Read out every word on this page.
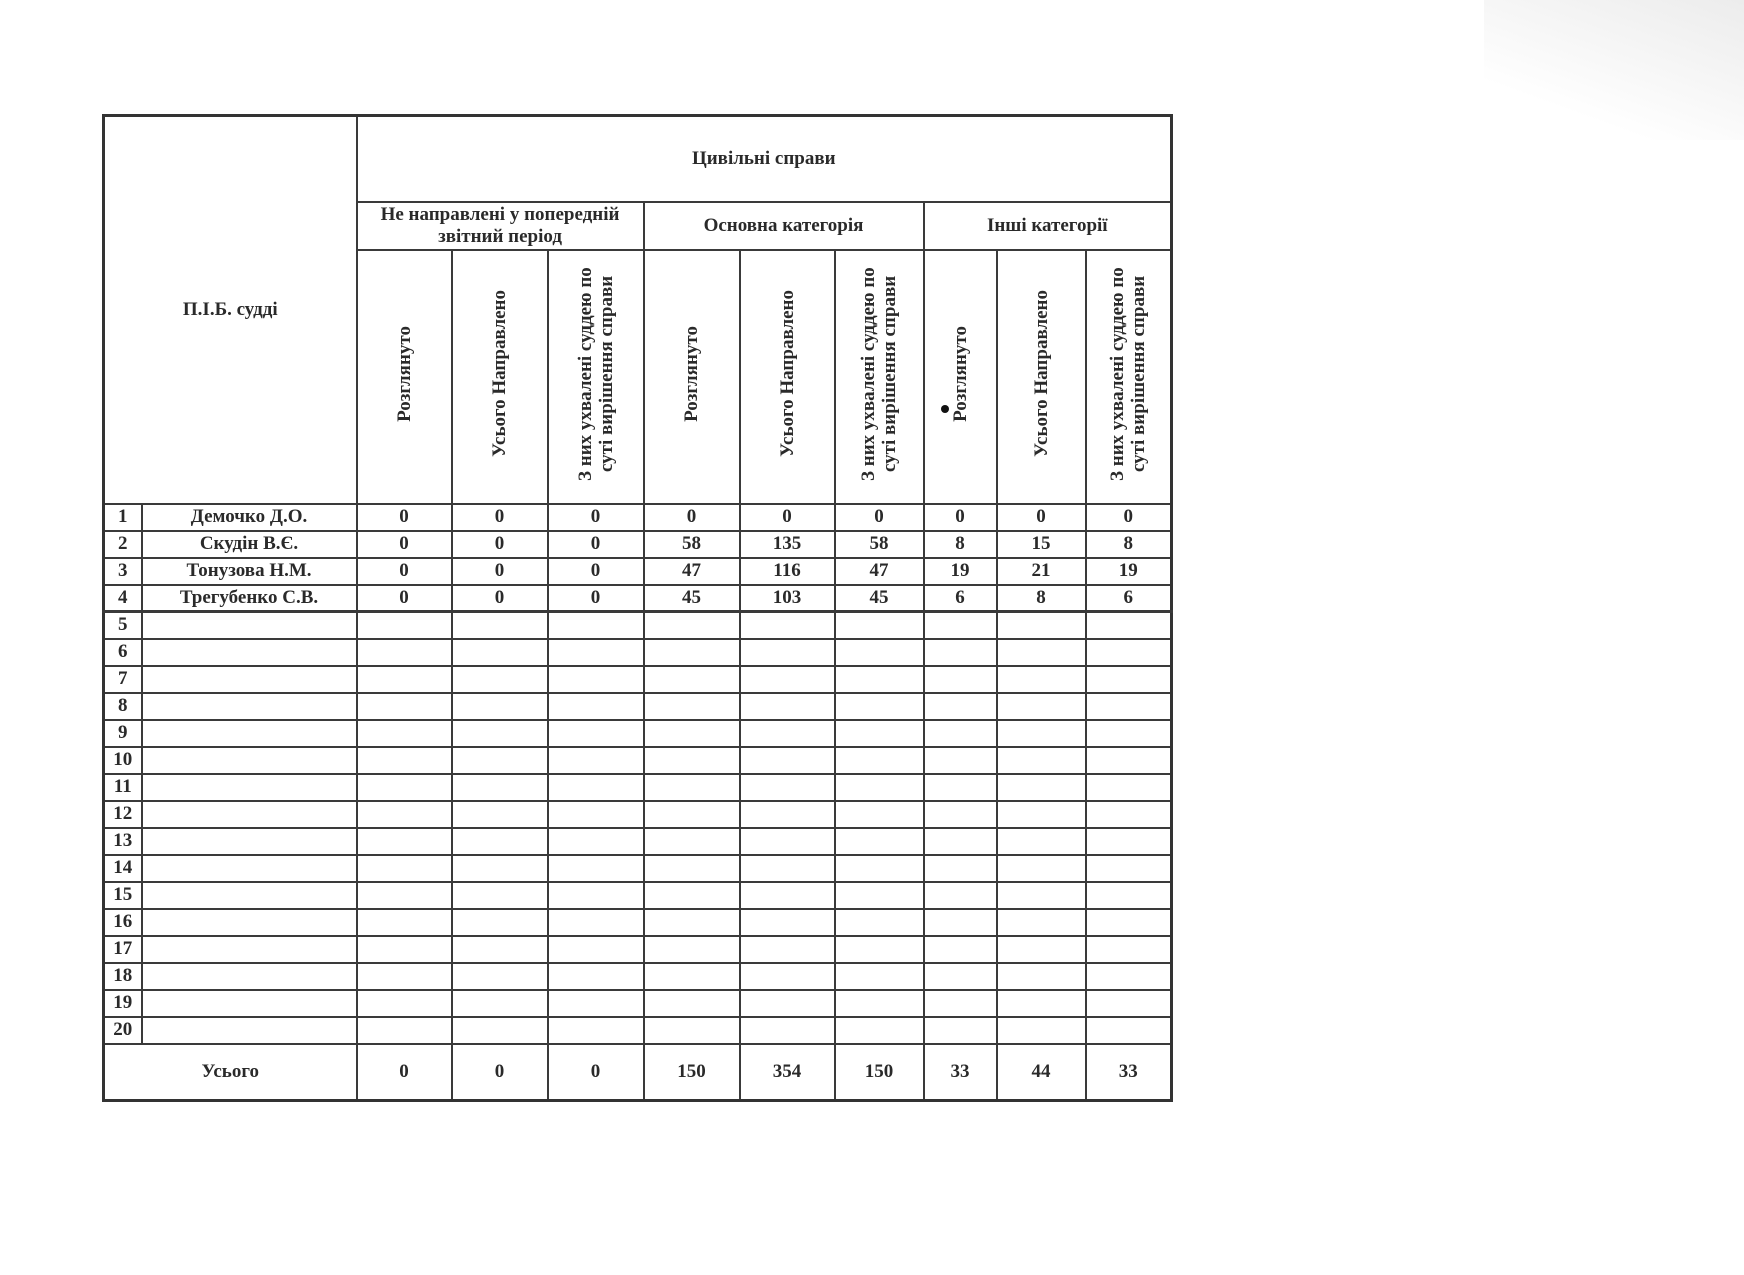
П.І.Б. судді		Цивільні справи								
		Не направлені у попередній звітний період			Основна категорія			Інші категорії		
		Розглянуто	Усього Направлено	З них ухвалені суддею по суті вирішення справи	Розглянуто	Усього Направлено	З них ухвалені суддею по суті вирішення справи	Розглянуто	Усього Направлено	З них ухвалені суддею по суті вирішення справи
1	Демочко Д.О.	0	0	0	0	0	0	0	0	0
2	Скудін В.Є.	0	0	0	58	135	58	8	15	8
3	Тонузова Н.М.	0	0	0	47	116	47	19	21	19
4	Трегубенко С.В.	0	0	0	45	103	45	6	8	6
5										
6										
7										
8										
9										
10										
11										
12										
13										
14										
15										
16										
17										
18										
19										
20										
Усього		0	0	0	150	354	150	33	44	33
